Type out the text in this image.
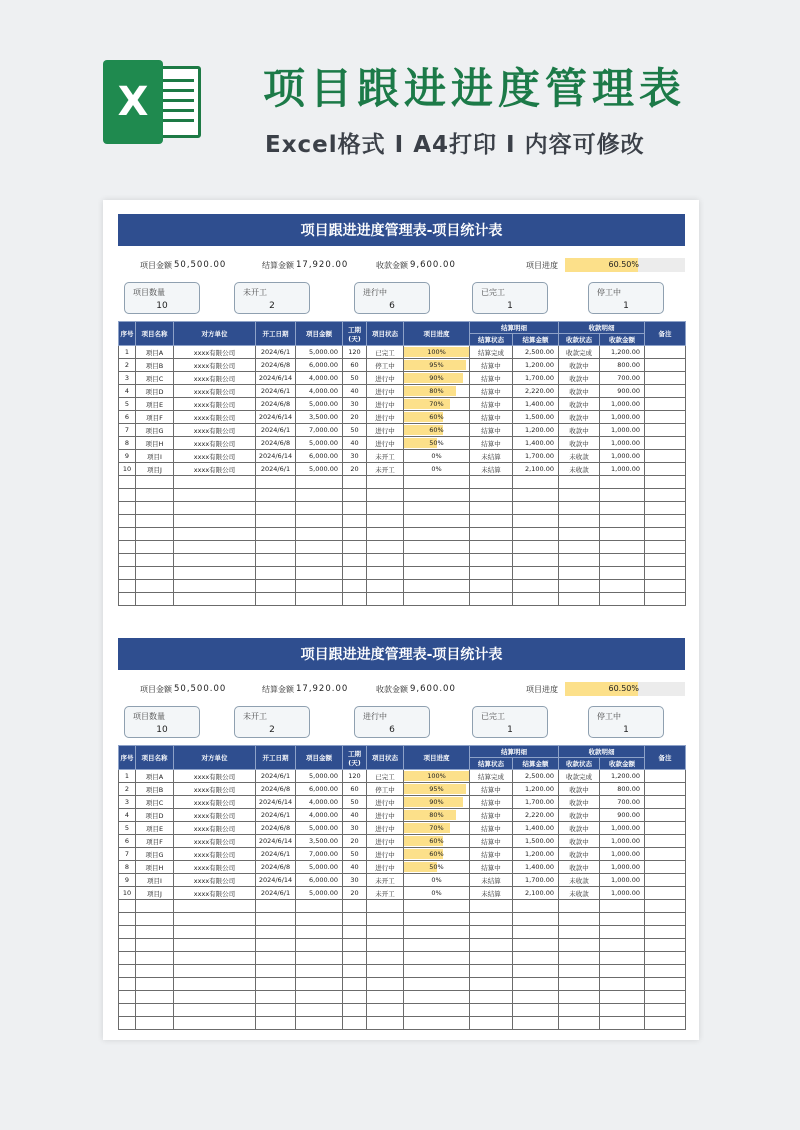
X	项目跟进进度管理表
Excel格式 I A4打印 I 内容可修改
项目跟进进度管理表-项目统计表
项目金额 50,500.00	结算金额 17,920.00	收款金额 9,600.00	项目进度	60.50%
项目数量
10
未开工
2
进行中
6
已完工
1
停工中
1
序号	项目名称	对方单位	开工日期	项目金额	工期(天)	项目状态	项目进度	结算明细		收款明细		备注
								结算状态	结算金额	收款状态	收款金额	
1	项目A	xxxx有限公司	2024/6/1	5,000.00	120	已完工	100%	结算完成	2,500.00	收款完成	1,200.00	
2	项目B	xxxx有限公司	2024/6/8	6,000.00	60	停工中	95%	结算中	1,200.00	收款中	800.00	
3	项目C	xxxx有限公司	2024/6/14	4,000.00	50	进行中	90%	结算中	1,700.00	收款中	700.00	
4	项目D	xxxx有限公司	2024/6/1	4,000.00	40	进行中	80%	结算中	2,220.00	收款中	900.00	
5	项目E	xxxx有限公司	2024/6/8	5,000.00	30	进行中	70%	结算中	1,400.00	收款中	1,000.00	
6	项目F	xxxx有限公司	2024/6/14	3,500.00	20	进行中	60%	结算中	1,500.00	收款中	1,000.00	
7	项目G	xxxx有限公司	2024/6/1	7,000.00	50	进行中	60%	结算中	1,200.00	收款中	1,000.00	
8	项目H	xxxx有限公司	2024/6/8	5,000.00	40	进行中	50%	结算中	1,400.00	收款中	1,000.00	
9	项目I	xxxx有限公司	2024/6/14	6,000.00	30	未开工	0%	未结算	1,700.00	未收款	1,000.00	
10	项目J	xxxx有限公司	2024/6/1	5,000.00	20	未开工	0%	未结算	2,100.00	未收款	1,000.00	

项目跟进进度管理表-项目统计表
项目金额 50,500.00	结算金额 17,920.00	收款金额 9,600.00	项目进度	60.50%
项目数量
10
未开工
2
进行中
6
已完工
1
停工中
1
序号	项目名称	对方单位	开工日期	项目金额	工期(天)	项目状态	项目进度	结算明细		收款明细		备注
								结算状态	结算金额	收款状态	收款金额	
1	项目A	xxxx有限公司	2024/6/1	5,000.00	120	已完工	100%	结算完成	2,500.00	收款完成	1,200.00	
2	项目B	xxxx有限公司	2024/6/8	6,000.00	60	停工中	95%	结算中	1,200.00	收款中	800.00	
3	项目C	xxxx有限公司	2024/6/14	4,000.00	50	进行中	90%	结算中	1,700.00	收款中	700.00	
4	项目D	xxxx有限公司	2024/6/1	4,000.00	40	进行中	80%	结算中	2,220.00	收款中	900.00	
5	项目E	xxxx有限公司	2024/6/8	5,000.00	30	进行中	70%	结算中	1,400.00	收款中	1,000.00	
6	项目F	xxxx有限公司	2024/6/14	3,500.00	20	进行中	60%	结算中	1,500.00	收款中	1,000.00	
7	项目G	xxxx有限公司	2024/6/1	7,000.00	50	进行中	60%	结算中	1,200.00	收款中	1,000.00	
8	项目H	xxxx有限公司	2024/6/8	5,000.00	40	进行中	50%	结算中	1,400.00	收款中	1,000.00	
9	项目I	xxxx有限公司	2024/6/14	6,000.00	30	未开工	0%	未结算	1,700.00	未收款	1,000.00	
10	项目J	xxxx有限公司	2024/6/1	5,000.00	20	未开工	0%	未结算	2,100.00	未收款	1,000.00	
